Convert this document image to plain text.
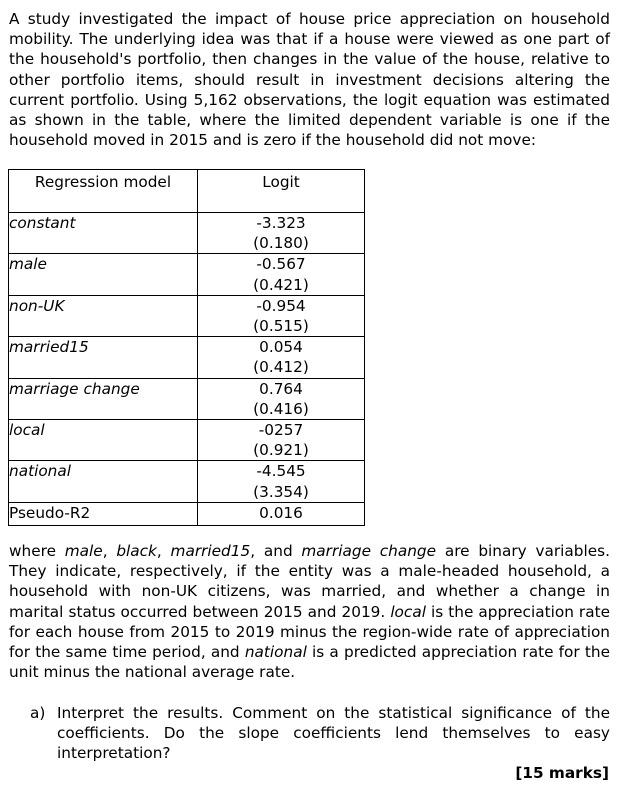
A study investigated the impact of house price appreciation on household mobility. The underlying idea was that if a house were viewed as one part of the household's portfolio, then changes in the value of the house, relative to other portfolio items, should result in investment decisions altering the current portfolio. Using 5,162 observations, the logit equation was estimated as shown in the table, where the limited dependent variable is one if the household moved in 2015 and is zero if the household did not move:

Regression model	Logit
constant	-3.323
(0.180)

male	-0.567
(0.421)

non-UK	-0.954
(0.515)

married15	0.054
(0.412)

marriage change	0.764
(0.416)

local	-0257
(0.921)

national	-4.545
(3.354)

Pseudo-R2	0.016

where male, black, married15, and marriage change are binary variables. They indicate, respectively, if the entity was a male-headed household, a household with non-UK citizens, was married, and whether a change in marital status occurred between 2015 and 2019. local is the appreciation rate for each house from 2015 to 2019 minus the region-wide rate of appreciation for the same time period, and national is a predicted appreciation rate for the unit minus the national average rate.

a) Interpret the results. Comment on the statistical significance of the coefficients. Do the slope coefficients lend themselves to easy interpretation?
[15 marks]
